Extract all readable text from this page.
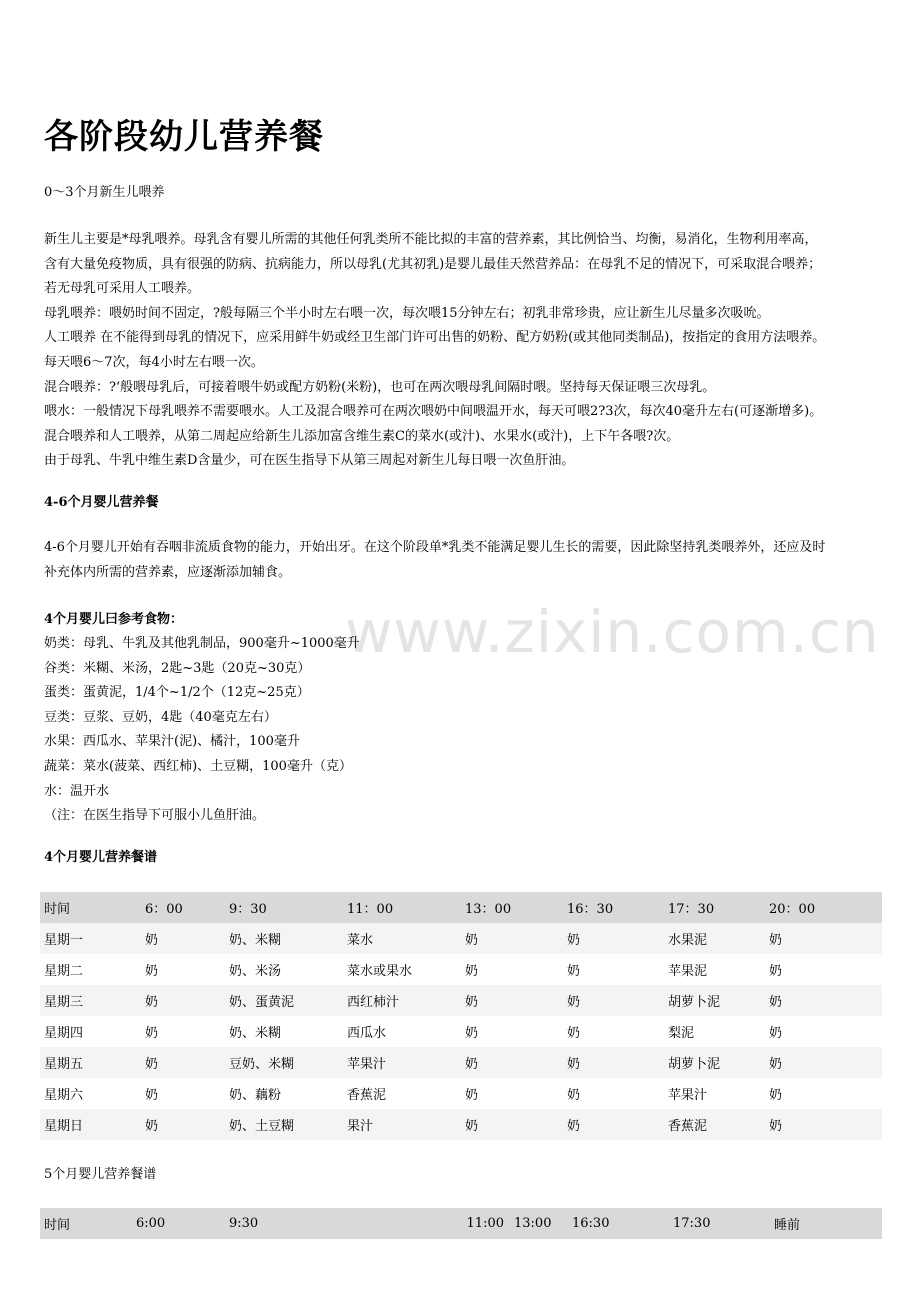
www.zixin.com.cn
各阶段幼儿营养餐

0～3个月新生儿喂养

新生儿主要是*母乳喂养。母乳含有婴儿所需的其他任何乳类所不能比拟的丰富的营养素，其比例恰当、均衡，易消化，生物利用率高，

含有大量免疫物质，具有很强的防病、抗病能力，所以母乳(尤其初乳)是婴儿最佳天然营养品：在母乳不足的情况下，可采取混合喂养；

若无母乳可采用人工喂养。

母乳喂养：喂奶时间不固定，?般每隔三个半小时左右喂一次，每次喂15分钟左右；初乳非常珍贵，应让新生儿尽量多次吸吮。

人工喂养 在不能得到母乳的情况下，应采用鲜牛奶或经卫生部门许可出售的奶粉、配方奶粉(或其他同类制品)，按指定的食用方法喂养。

每天喂6～7次，每4小时左右喂一次。

混合喂养：?‘般喂母乳后，可接着喂牛奶或配方奶粉(米粉)，也可在两次喂母乳间隔时喂。坚持每天保证喂三次母乳。

喂水：一般情况下母乳喂养不需要喂水。人工及混合喂养可在两次喂奶中间喂温开水，每天可喂2?3次，每次40毫升左右(可逐渐增多)。

混合喂养和人工喂养，从第二周起应给新生儿添加富含维生素C的菜水(或汁)、水果水(或汁)，上下午各喂?次。

由于母乳、牛乳中维生素D含量少，可在医生指导下从第三周起对新生儿每日喂一次鱼肝油。

4-6个月婴儿营养餐

4-6个月婴儿开始有吞咽非流质食物的能力，开始出牙。在这个阶段单*乳类不能满足婴儿生长的需要，因此除坚持乳类喂养外，还应及时

补充体内所需的营养素，应逐渐添加辅食。

4个月婴儿曰参考食物：

奶类：母乳、牛乳及其他乳制品，900毫升~1000毫升

谷类：米糊、米汤，2匙~3匙（20克~30克）

蛋类：蛋黄泥，1/4个~1/2个（12克~25克）

豆类：豆浆、豆奶，4匙（40毫克左右）

水果：西瓜水、苹果汁(泥)、橘汁，100毫升

蔬菜：菜水(菠菜、西红柿)、土豆糊，100毫升（克）

水：温开水

（注：在医生指导下可服小儿鱼肝油。

4个月婴儿营养餐谱

时间	6：00	9：30	11：00	13：00	16：30	17：30	20：00
星期一	奶	奶、米糊	菜水	奶	奶	水果泥	奶
星期二	奶	奶、米汤	菜水或果水	奶	奶	苹果泥	奶
星期三	奶	奶、蛋黄泥	西红柿汁	奶	奶	胡萝卜泥	奶
星期四	奶	奶、米糊	西瓜水	奶	奶	梨泥	奶
星期五	奶	豆奶、米糊	苹果汁	奶	奶	胡萝卜泥	奶
星期六	奶	奶、藕粉	香蕉泥	奶	奶	苹果汁	奶
星期日	奶	奶、土豆糊	果汁	奶	奶	香蕉泥	奶

5个月婴儿营养餐谱

时间	6:00	9:30	11:00	13:00	16:30	17:30	睡前
